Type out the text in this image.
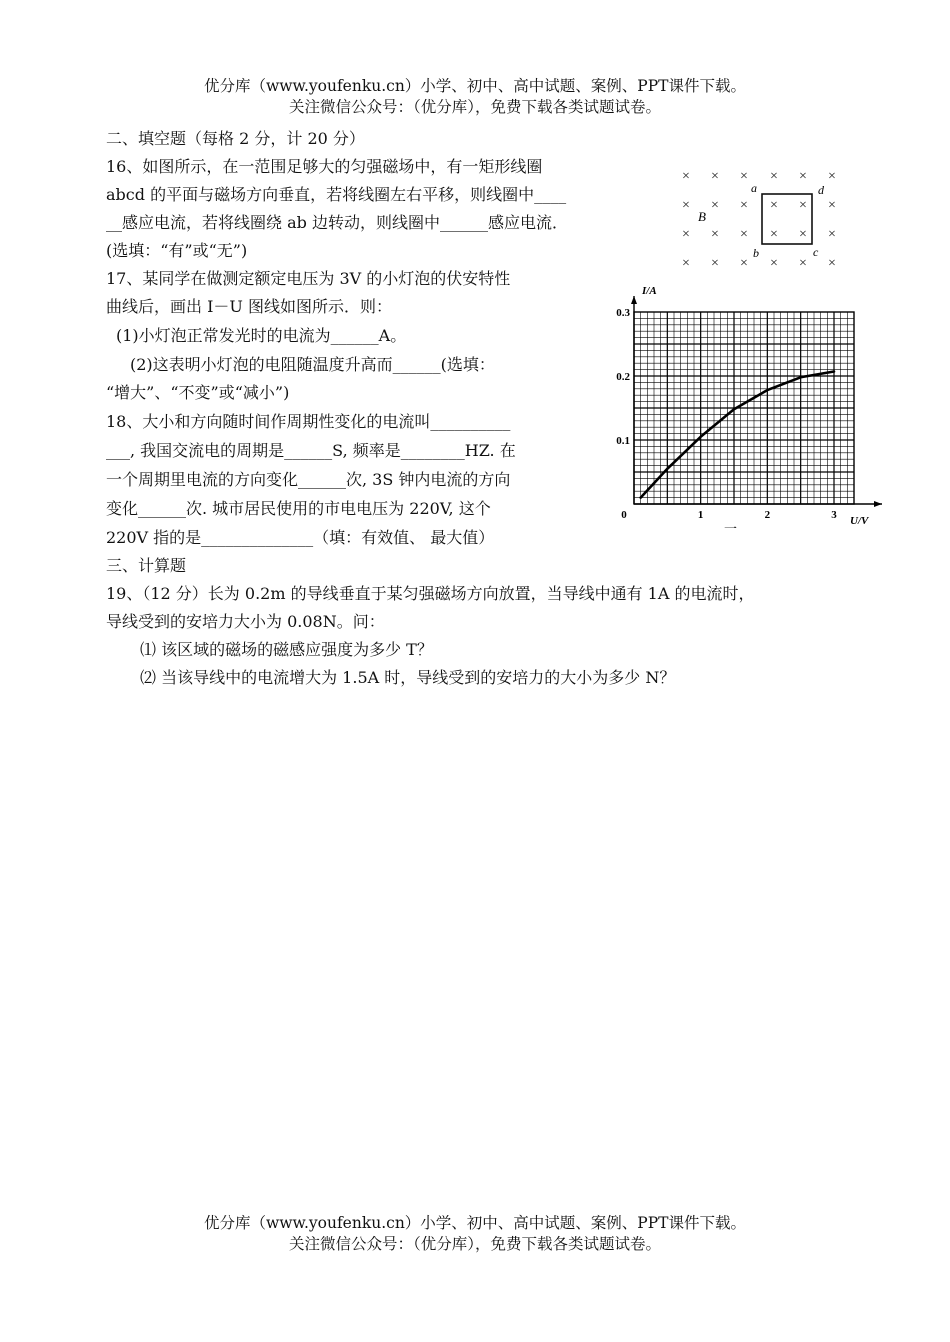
优分库（www.youfenku.cn）小学、初中、高中试题、案例、PPT课件下载。
关注微信公众号：（优分库），免费下载各类试题试卷。
二、填空题（每格 2 分，计 20 分）
16、如图所示，在一范围足够大的匀强磁场中，有一矩形线圈
abcd 的平面与磁场方向垂直，若将线圈左右平移，则线圈中____
__感应电流，若将线圈绕 ab 边转动，则线圈中______感应电流．
(选填：“有”或“无”)
17、某同学在做测定额定电压为 3V 的小灯泡的伏安特性
曲线后，画出 I－U 图线如图所示．则：
(1)小灯泡正常发光时的电流为______A。
(2)这表明小灯泡的电阻随温度升高而______(选填：
“增大”、“不变”或“减小”)
18、大小和方向随时间作周期性变化的电流叫__________
___, 我国交流电的周期是______S, 频率是________HZ. 在
一个周期里电流的方向变化______次, 3S 钟内电流的方向
变化______次. 城市居民使用的市电电压为 220V, 这个
220V 指的是______________（填：有效值、 最大值）
三、计算题
19、（12 分）长为 0.2m 的导线垂直于某匀强磁场方向放置，当导线中通有 1A 的电流时，
导线受到的安培力大小为 0.08N。问：
⑴ 该区域的磁场的磁感应强度为多少 T？
⑵ 当该导线中的电流增大为 1.5A 时，导线受到的安培力的大小为多少 N？
× × × × × ×
× × × × × ×
× × × × × ×
× × × × × ×
a	d
b	c
B
0	1	2	3
0.1
0.2
0.3
I/A
U/V
一
优分库（www.youfenku.cn）小学、初中、高中试题、案例、PPT课件下载。
关注微信公众号：（优分库），免费下载各类试题试卷。
